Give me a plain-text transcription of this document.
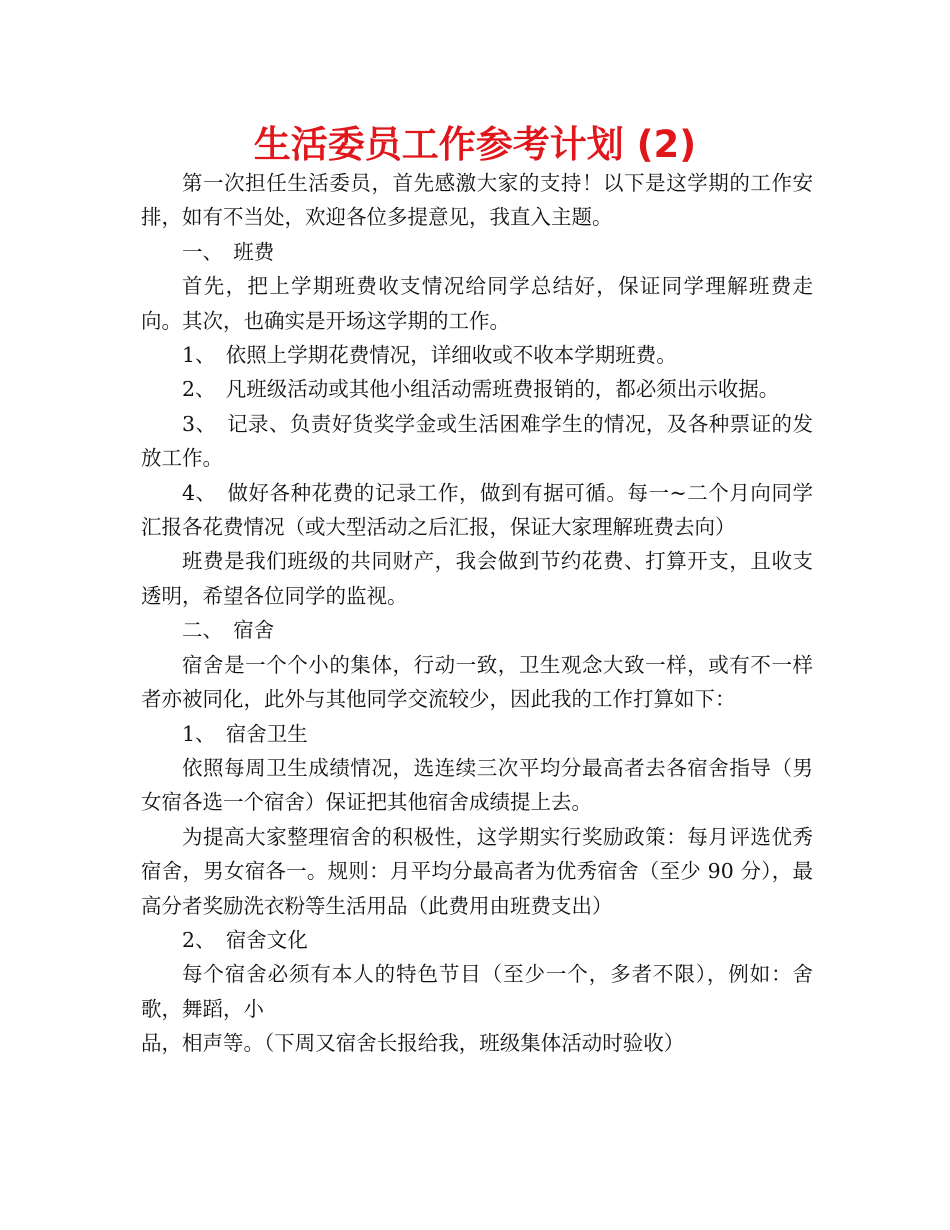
生活委员工作参考计划 (2)

第一次担任生活委员，首先感激大家的支持！以下是这学期的工作安排，如有不当处，欢迎各位多提意见，我直入主题。

一、　班费

首先，把上学期班费收支情况给同学总结好，保证同学理解班费走向。其次，也确实是开场这学期的工作。

1、　依照上学期花费情况，详细收或不收本学期班费。

2、　凡班级活动或其他小组活动需班费报销的，都必须出示收据。

3、　记录、负责好货奖学金或生活困难学生的情况，及各种票证的发放工作。

4、　做好各种花费的记录工作，做到有据可循。每一~二个月向同学汇报各花费情况（或大型活动之后汇报，保证大家理解班费去向）

班费是我们班级的共同财产，我会做到节约花费、打算开支，且收支透明，希望各位同学的监视。

二、　宿舍

宿舍是一个个小的集体，行动一致，卫生观念大致一样，或有不一样者亦被同化，此外与其他同学交流较少，因此我的工作打算如下：

1、　宿舍卫生

依照每周卫生成绩情况，选连续三次平均分最高者去各宿舍指导（男女宿各选一个宿舍）保证把其他宿舍成绩提上去。

为提高大家整理宿舍的积极性，这学期实行奖励政策：每月评选优秀宿舍，男女宿各一。规则：月平均分最高者为优秀宿舍（至少 90 分），最高分者奖励洗衣粉等生活用品（此费用由班费支出）

2、　宿舍文化

每个宿舍必须有本人的特色节目（至少一个，多者不限），例如：舍歌，舞蹈，小

品，相声等。（下周又宿舍长报给我，班级集体活动时验收）
